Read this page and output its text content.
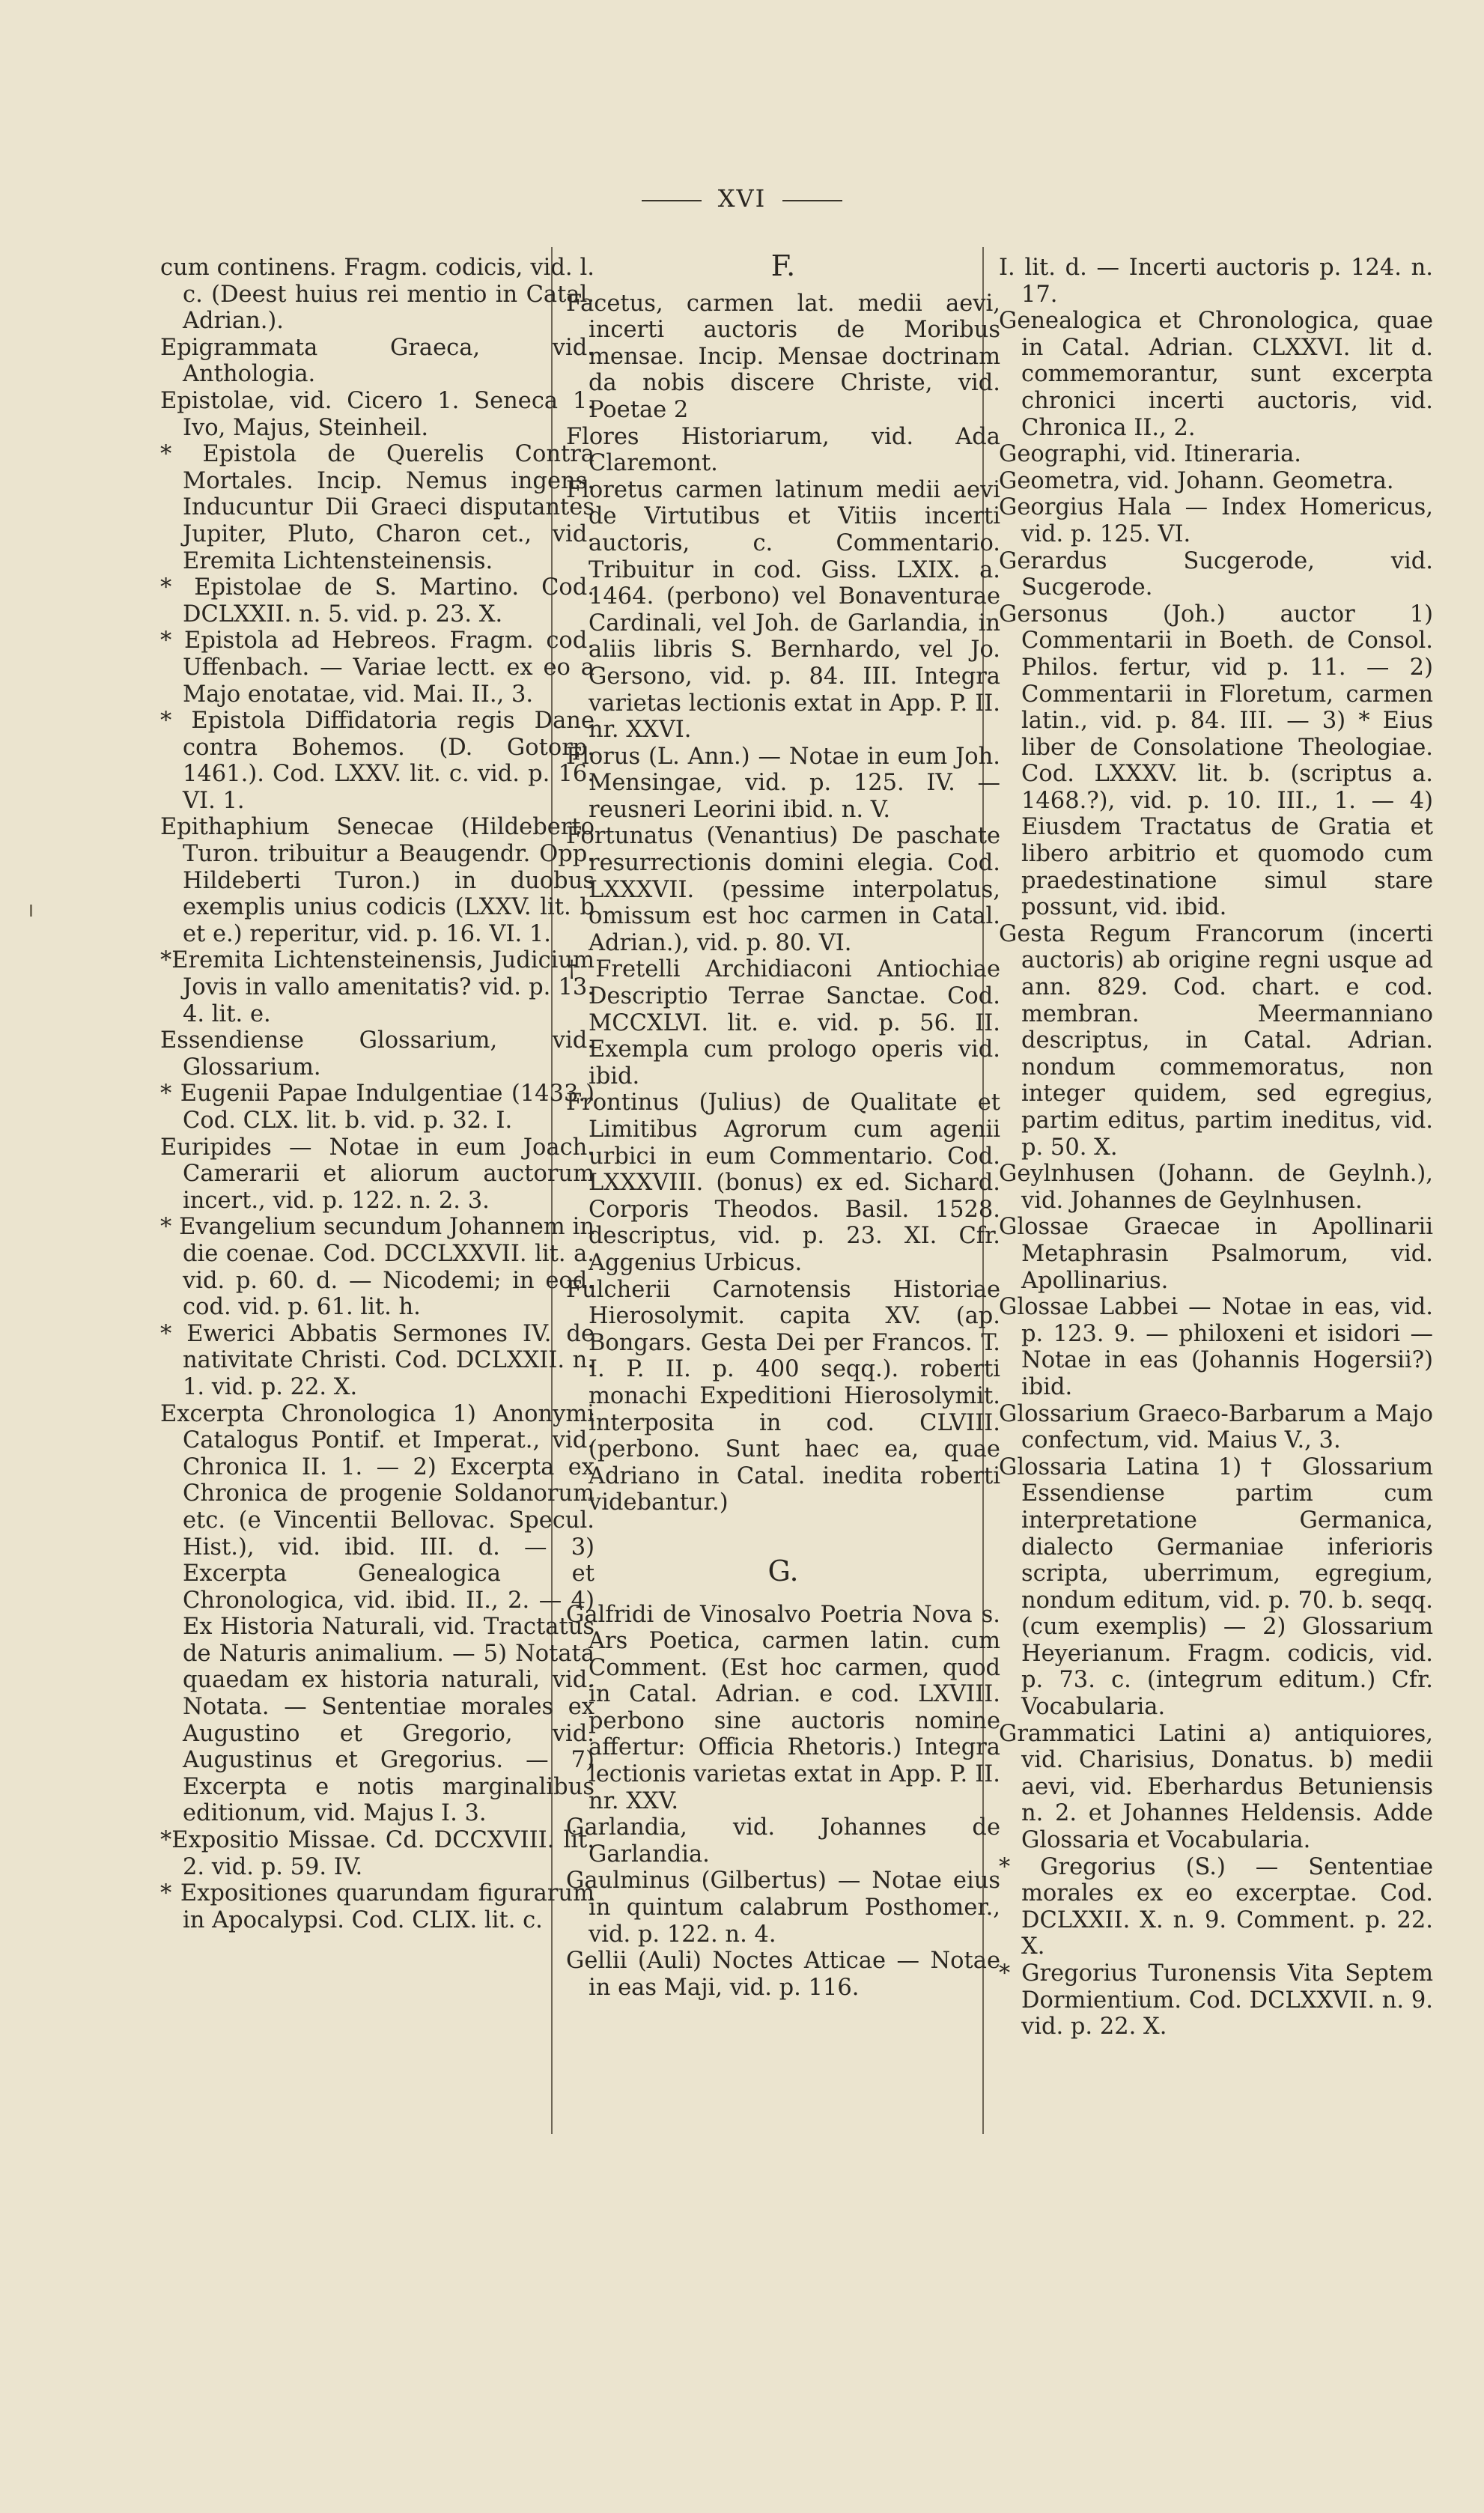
XVI

cum continens. Fragm. codicis, vid. l. c. (Deest huius rei mentio in Catal. Adrian.).

Epigrammata Graeca, vid. Anthologia.

Epistolae, vid. Cicero 1. Seneca 1. Ivo, Majus, Steinheil.

* Epistola de Querelis Contra Mortales. Incip. Nemus ingens. Inducuntur Dii Graeci disputantes Jupiter, Pluto, Charon cet., vid. Eremita Lichtensteinensis.

* Epistolae de S. Martino. Cod. DCLXXII. n. 5. vid. p. 23. X.

* Epistola ad Hebreos. Fragm. cod. Uffenbach. — Variae lectt. ex eo a Majo enotatae, vid. Mai. II., 3.

* Epistola Diffidatoria regis Dane contra Bohemos. (D. Gotorp. 1461.). Cod. LXXV. lit. c. vid. p. 16. VI. 1.

Epithaphium Senecae (Hildeberto Turon. tribuitur a Beaugendr. Opp. Hildeberti Turon.) in duobus exemplis unius codicis (LXXV. lit. b et e.) reperitur, vid. p. 16. VI. 1.

*Eremita Lichtensteinensis, Judicium Jovis in vallo amenitatis? vid. p. 13. 4. lit. e.

Essendiense Glossarium, vid. Glossarium.

* Eugenii Papae Indulgentiae (1433.) Cod. CLX. lit. b. vid. p. 32. I.

Euripides — Notae in eum Joach. Camerarii et aliorum auctorum incert., vid. p. 122. n. 2. 3.

* Evangelium secundum Johannem in die coenae. Cod. DCCLXXVII. lit. a. vid. p. 60. d. — Nicodemi; in eod. cod. vid. p. 61. lit. h.

* Ewerici Abbatis Sermones IV. de nativitate Christi. Cod. DCLXXII. n. 1. vid. p. 22. X.

Excerpta Chronologica 1) Anonymi Catalogus Pontif. et Imperat., vid. Chronica II. 1. — 2) Excerpta ex Chronica de progenie Soldanorum etc. (e Vincentii Bellovac. Specul. Hist.), vid. ibid. III. d. — 3) Excerpta Genealogica et Chronologica, vid. ibid. II., 2. — 4) Ex Historia Naturali, vid. Tractatus de Naturis animalium. — 5) Notata quaedam ex historia naturali, vid. Notata. — Sententiae morales ex Augustino et Gregorio, vid. Augustinus et Gregorius. — 7) Excerpta e notis marginalibus editionum, vid. Majus I. 3.

*Expositio Missae. Cd. DCCXVIII. lit. 2. vid. p. 59. IV.

* Expositiones quarundam figurarum in Apocalypsi. Cod. CLIX. lit. c.

F.

Facetus, carmen lat. medii aevi, incerti auctoris de Moribus mensae. Incip. Mensae doctrinam da nobis discere Christe, vid. Poetae 2

Flores Historiarum, vid. Ada Claremont.

Floretus carmen latinum medii aevi de Virtutibus et Vitiis incerti auctoris, c. Commentario. Tribuitur in cod. Giss. LXIX. a. 1464. (perbono) vel Bonaventurae Cardinali, vel Joh. de Garlandia, in aliis libris S. Bernhardo, vel Jo. Gersono, vid. p. 84. III. Integra varietas lectionis extat in App. P. II. nr. XXVI.

Florus (L. Ann.) — Notae in eum Joh. Mensingae, vid. p. 125. IV. — reusneri Leorini ibid. n. V.

Fortunatus (Venantius) De paschate resurrectionis domini elegia. Cod. LXXXVII. (pessime interpolatus, omissum est hoc carmen in Catal. Adrian.), vid. p. 80. VI.

†Fretelli Archidiaconi Antiochiae Descriptio Terrae Sanctae. Cod. MCCXLVI. lit. e. vid. p. 56. II. Exempla cum prologo operis vid. ibid.

Frontinus (Julius) de Qualitate et Limitibus Agrorum cum agenii urbici in eum Commentario. Cod. LXXXVIII. (bonus) ex ed. Sichard. Corporis Theodos. Basil. 1528. descriptus, vid. p. 23. XI. Cfr. Aggenius Urbicus.

Fulcherii Carnotensis Historiae Hierosolymit. capita XV. (ap. Bongars. Gesta Dei per Francos. T. I. P. II. p. 400 seqq.). roberti monachi Expeditioni Hierosolymit. interposita in cod. CLVIII. (perbono. Sunt haec ea, quae Adriano in Catal. inedita roberti videbantur.)

G.

Galfridi de Vinosalvo Poetria Nova s. Ars Poetica, carmen latin. cum Comment. (Est hoc carmen, quod in Catal. Adrian. e cod. LXVIII. perbono sine auctoris nomine affertur: Officia Rhetoris.) Integra lectionis varietas extat in App. P. II. nr. XXV.

Garlandia, vid. Johannes de Garlandia.

Gaulminus (Gilbertus) — Notae eius in quintum calabrum Posthomer., vid. p. 122. n. 4.

Gellii (Auli) Noctes Atticae — Notae in eas Maji, vid. p. 116.

I. lit. d. — Incerti auctoris p. 124. n. 17.

Genealogica et Chronologica, quae in Catal. Adrian. CLXXVI. lit d. commemorantur, sunt excerpta chronici incerti auctoris, vid. Chronica II., 2.

Geographi, vid. Itineraria.

Geometra, vid. Johann. Geometra.

Georgius Hala — Index Homericus, vid. p. 125. VI.

Gerardus Sucgerode, vid. Sucgerode.

Gersonus (Joh.) auctor 1) Commentarii in Boeth. de Consol. Philos. fertur, vid p. 11. — 2) Commentarii in Floretum, carmen latin., vid. p. 84. III. — 3) * Eius liber de Consolatione Theologiae. Cod. LXXXV. lit. b. (scriptus a. 1468.?), vid. p. 10. III., 1. — 4) Eiusdem Tractatus de Gratia et libero arbitrio et quomodo cum praedestinatione simul stare possunt, vid. ibid.

Gesta Regum Francorum (incerti auctoris) ab origine regni usque ad ann. 829. Cod. chart. e cod. membran. Meermanniano descriptus, in Catal. Adrian. nondum commemoratus, non integer quidem, sed egregius, partim editus, partim ineditus, vid. p. 50. X.

Geylnhusen (Johann. de Geylnh.), vid. Johannes de Geylnhusen.

Glossae Graecae in Apollinarii Metaphrasin Psalmorum, vid. Apollinarius.

Glossae Labbei — Notae in eas, vid. p. 123. 9. — philoxeni et isidori — Notae in eas (Johannis Hogersii?) ibid.

Glossarium Graeco-Barbarum a Majo confectum, vid. Maius V., 3.

Glossaria Latina 1) † Glossarium Essendiense partim cum interpretatione Germanica, dialecto Germaniae inferioris scripta, uberrimum, egregium, nondum editum, vid. p. 70. b. seqq. (cum exemplis) — 2) Glossarium Heyerianum. Fragm. codicis, vid. p. 73. c. (integrum editum.) Cfr. Vocabularia.

Grammatici Latini a) antiquiores, vid. Charisius, Donatus. b) medii aevi, vid. Eberhardus Betuniensis n. 2. et Johannes Heldensis. Adde Glossaria et Vocabularia.

* Gregorius (S.) — Sententiae morales ex eo excerptae. Cod. DCLXXII. X. n. 9. Comment. p. 22. X.

* Gregorius Turonensis Vita Septem Dormientium. Cod. DCLXXVII. n. 9. vid. p. 22. X.
